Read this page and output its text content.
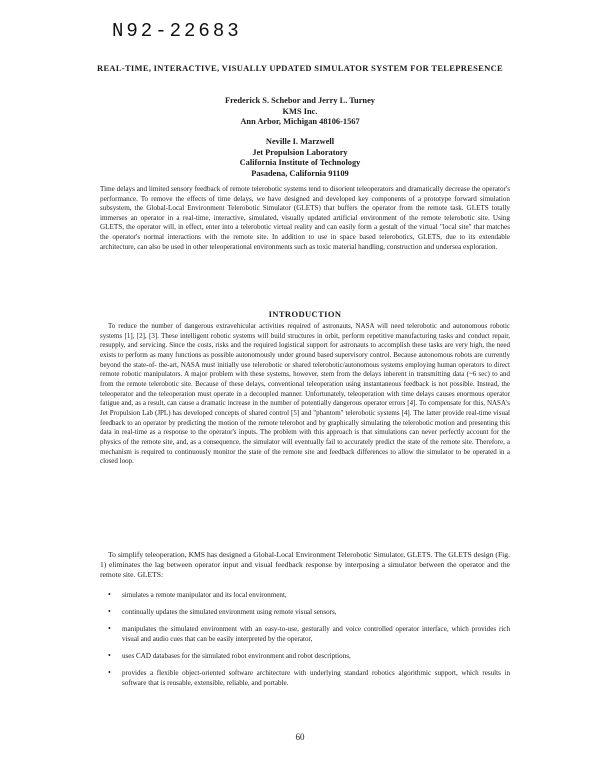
N92-22683
REAL-TIME, INTERACTIVE, VISUALLY UPDATED SIMULATOR SYSTEM FOR TELEPRESENCE
Frederick S. Schebor and Jerry L. Turney
KMS Inc.
Ann Arbor, Michigan 48106-1567
Neville I. Marzwell
Jet Propulsion Laboratory
California Institute of Technology
Pasadena, California 91109

Time delays and limited sensory feedback of remote telerobotic systems tend to disorient teleoperators and dramatically decrease the operator's performance. To remove the effects of time delays, we have designed and developed key components of a prototype forward simulation subsystem, the Global-Local Environment Telerobotic Simulator (GLETS) that buffers the operator from the remote task. GLETS totally immerses an operator in a real-time, interactive, simulated, visually updated artificial environment of the remote telerobotic site. Using GLETS, the operator will, in effect, enter into a telerobotic virtual reality and can easily form a gestalt of the virtual "local site" that matches the operator's normal interactions with the remote site. In addition to use in space based telerobotics, GLETS, due to its extendable architecture, can also be used in other teleoperational environments such as toxic material handling, construction and undersea exploration.

INTRODUCTION

To reduce the number of dangerous extravehicular activities required of astronauts, NASA will need telerobotic and autonomous robotic systems [1], [2], [3]. These intelligent robotic systems will build structures in orbit, perform repetitive manufacturing tasks and conduct repair, resupply, and servicing. Since the costs, risks and the required logistical support for astronauts to accomplish these tasks are very high, the need exists to perform as many functions as possible autonomously under ground based supervisory control. Because autonomous robots are currently beyond the state-of- the-art, NASA must initially use telerobotic or shared telerobotic/autonomous systems employing human operators to direct remote robotic manipulators. A major problem with these systems, however, stem from the delays inherent in transmitting data (~6 sec) to and from the remote telerobotic site. Because of these delays, conventional teleoperation using instantaneous feedback is not possible. Instead, the teleoperator and the teleoperation must operate in a decoupled manner. Unfortunately, teleoperation with time delays causes enormous operator fatigue and, as a result, can cause a dramatic increase in the number of potentially dangerous operator errors [4]. To compensate for this, NASA's Jet Propulsion Lab (JPL) has developed concepts of shared control [5] and "phantom" telerobotic systems [4]. The latter provide real-time visual feedback to an operator by predicting the motion of the remote telerobot and by graphically simulating the telerobotic motion and presenting this data in real-time as a response to the operator's inputs. The problem with this approach is that simulations can never perfectly account for the physics of the remote site, and, as a consequence, the simulator will eventually fail to accurately predict the state of the remote site. Therefore, a mechanism is required to continuously monitor the state of the remote site and feedback differences to allow the simulator to be operated in a closed loop.

To simplify teleoperation, KMS has designed a Global-Local Environment Telerobotic Simulator, GLETS. The GLETS design (Fig. 1) eliminates the lag between operator input and visual feedback response by interposing a simulator between the operator and the remote site. GLETS:

• simulates a remote manipulator and its local environment,
• continually updates the simulated environment using remote visual sensors,
• manipulates the simulated environment with an easy-to-use, gesturally and voice controlled operator interface, which provides rich visual and audio cues that can be easily interpreted by the operator,
• uses CAD databases for the simulated robot environment and robot descriptions,
• provides a flexible object-oriented software architecture with underlying standard robotics algorithmic support, which results in software that is reusable, extensible, reliable, and portable.
60
